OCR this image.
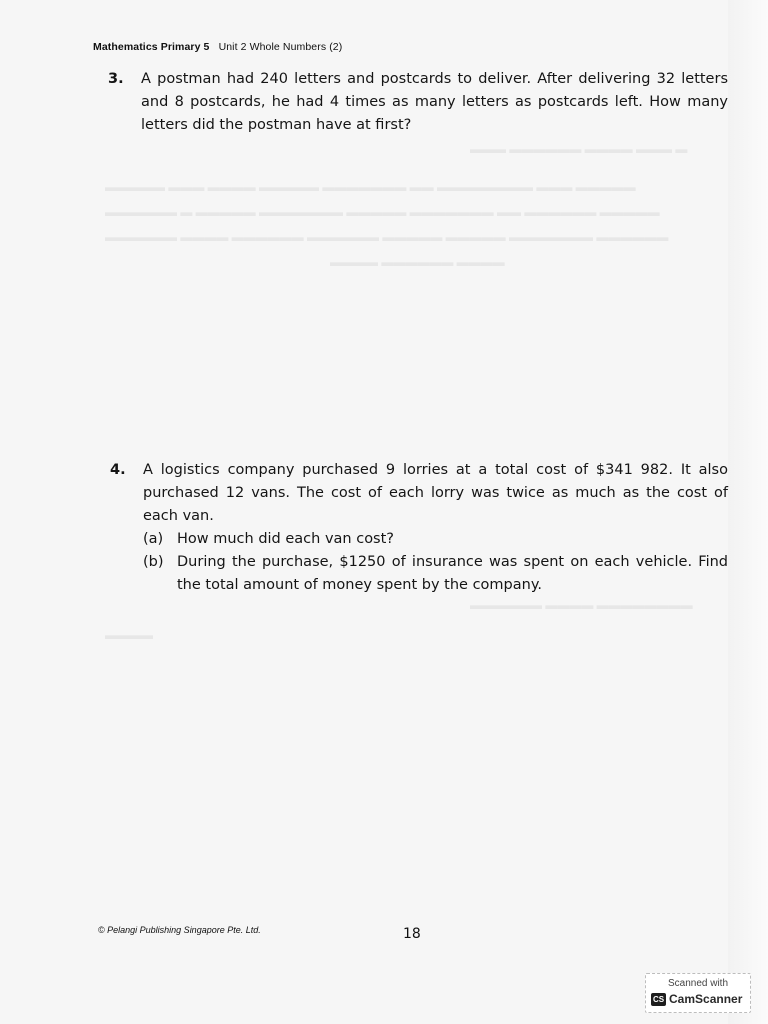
▬▬▬ ▬▬▬▬▬▬ ▬▬▬▬ ▬▬▬ ▬
▬▬▬▬▬ ▬▬▬ ▬▬▬▬ ▬▬▬▬▬ ▬▬▬▬▬▬▬ ▬▬ ▬▬▬▬▬▬▬▬ ▬▬▬ ▬▬▬▬▬
▬▬▬▬▬▬ ▬ ▬▬▬▬▬ ▬▬▬▬▬▬▬ ▬▬▬▬▬ ▬▬▬▬▬▬▬ ▬▬ ▬▬▬▬▬▬ ▬▬▬▬▬
▬▬▬▬▬▬ ▬▬▬▬ ▬▬▬▬▬▬ ▬▬▬▬▬▬ ▬▬▬▬▬ ▬▬▬▬▬ ▬▬▬▬▬▬▬ ▬▬▬▬▬▬
▬▬▬▬ ▬▬▬▬▬▬ ▬▬▬▬
▬▬▬▬▬▬ ▬▬▬▬ ▬▬▬▬▬▬▬▬
▬▬▬▬
Mathematics Primary 5 Unit 2 Whole Numbers (2)
3. A postman had 240 letters and postcards to deliver. After delivering 32 letters and 8 postcards, he had 4 times as many letters as postcards left. How many letters did the postman have at first?
4. A logistics company purchased 9 lorries at a total cost of $341 982. It also purchased 12 vans. The cost of each lorry was twice as much as the cost of each van.
(a) How much did each van cost?
(b) During the purchase, $1250 of insurance was spent on each vehicle. Find the total amount of money spent by the company.
© Pelangi Publishing Singapore Pte. Ltd.	18
Scanned with
CS CamScanner
